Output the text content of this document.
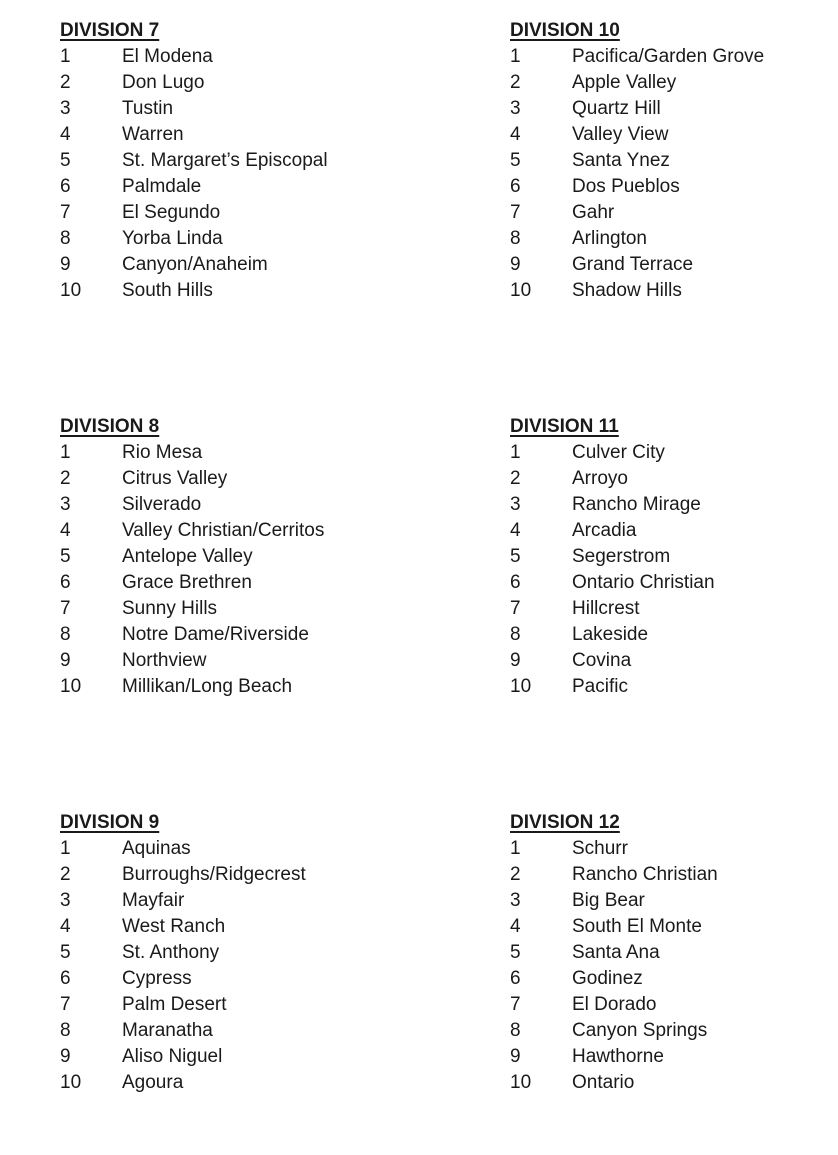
DIVISION 7
1	El Modena
2	Don Lugo
3	Tustin
4	Warren
5	St. Margaret’s Episcopal
6	Palmdale
7	El Segundo
8	Yorba Linda
9	Canyon/Anaheim
10	South Hills
DIVISION 8
1	Rio Mesa
2	Citrus Valley
3	Silverado
4	Valley Christian/Cerritos
5	Antelope Valley
6	Grace Brethren
7	Sunny Hills
8	Notre Dame/Riverside
9	Northview
10	Millikan/Long Beach
DIVISION 9
1	Aquinas
2	Burroughs/Ridgecrest
3	Mayfair
4	West Ranch
5	St. Anthony
6	Cypress
7	Palm Desert
8	Maranatha
9	Aliso Niguel
10	Agoura
DIVISION 10
1	Pacifica/Garden Grove
2	Apple Valley
3	Quartz Hill
4	Valley View
5	Santa Ynez
6	Dos Pueblos
7	Gahr
8	Arlington
9	Grand Terrace
10	Shadow Hills
DIVISION 11
1	Culver City
2	Arroyo
3	Rancho Mirage
4	Arcadia
5	Segerstrom
6	Ontario Christian
7	Hillcrest
8	Lakeside
9	Covina
10	Pacific
DIVISION 12
1	Schurr
2	Rancho Christian
3	Big Bear
4	South El Monte
5	Santa Ana
6	Godinez
7	El Dorado
8	Canyon Springs
9	Hawthorne
10	Ontario
